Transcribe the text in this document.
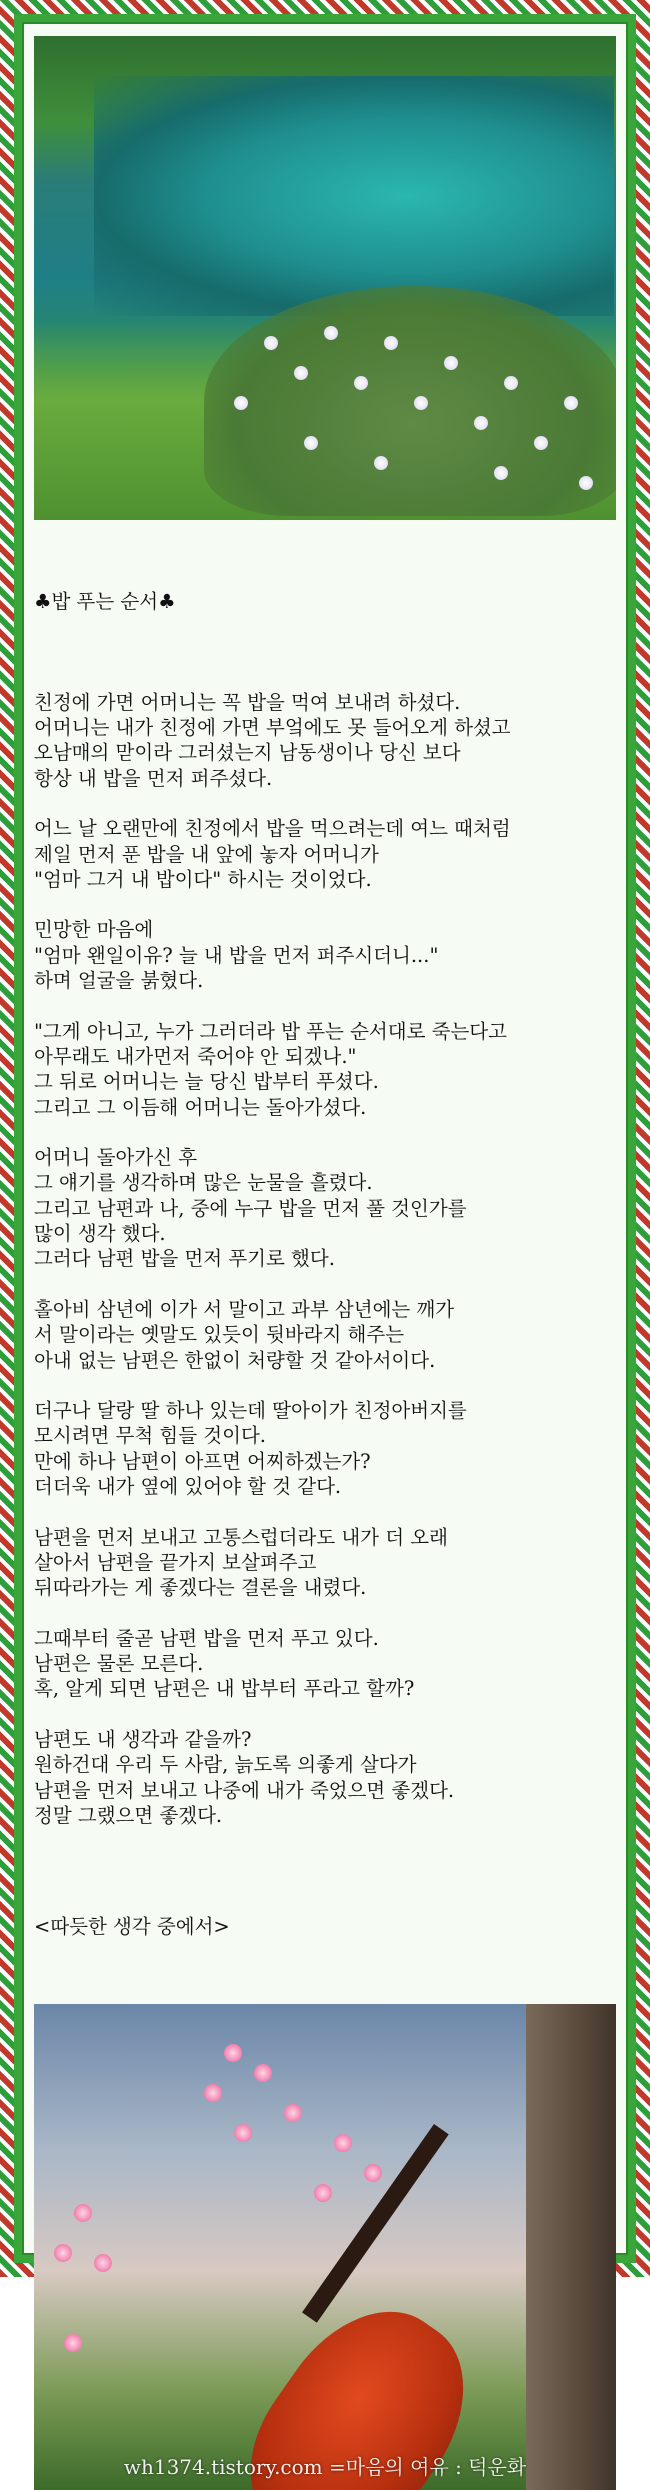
♣밥 푸는 순서♣

친정에 가면 어머니는 꼭 밥을 먹여 보내려 하셨다.

어머니는 내가 친정에 가면 부엌에도 못 들어오게 하셨고

오남매의 맏이라 그러셨는지 남동생이나 당신 보다

항상 내 밥을 먼저 퍼주셨다.

어느 날 오랜만에 친정에서 밥을 먹으려는데 여느 때처럼

제일 먼저 푼 밥을 내 앞에 놓자 어머니가

"엄마 그거 내 밥이다" 하시는 것이었다.

민망한 마음에

"엄마 왠일이유? 늘 내 밥을 먼저 퍼주시더니..."

하며 얼굴을 붉혔다.

"그게 아니고, 누가 그러더라 밥 푸는 순서대로 죽는다고

아무래도 내가먼저 죽어야 안 되겠나."

그 뒤로 어머니는 늘 당신 밥부터 푸셨다.

그리고 그 이듬해 어머니는 돌아가셨다.

어머니 돌아가신 후

그 얘기를 생각하며 많은 눈물을 흘렸다.

그리고 남편과 나, 중에 누구 밥을 먼저 풀 것인가를

많이 생각 했다.

그러다 남편 밥을 먼저 푸기로 했다.

홀아비 삼년에 이가 서 말이고 과부 삼년에는 깨가

서 말이라는 옛말도 있듯이 뒷바라지 해주는

아내 없는 남편은 한없이 처량할 것 같아서이다.

더구나 달랑 딸 하나 있는데 딸아이가 친정아버지를

모시려면 무척 힘들 것이다.

만에 하나 남편이 아프면 어찌하겠는가?

더더욱 내가 옆에 있어야 할 것 같다.

남편을 먼저 보내고 고통스럽더라도 내가 더 오래

살아서 남편을 끝가지 보살펴주고

뒤따라가는 게 좋겠다는 결론을 내렸다.

그때부터 줄곧 남편 밥을 먼저 푸고 있다.

남편은 물론 모른다.

혹, 알게 되면 남편은 내 밥부터 푸라고 할까?

남편도 내 생각과 같을까?

원하건대 우리 두 사람, 늙도록 의좋게 살다가

남편을 먼저 보내고 나중에 내가 죽었으면 좋겠다.

정말 그랬으면 좋겠다.

<따듯한 생각 중에서>

wh1374.tistory.com =마음의 여유 : 덕운화
